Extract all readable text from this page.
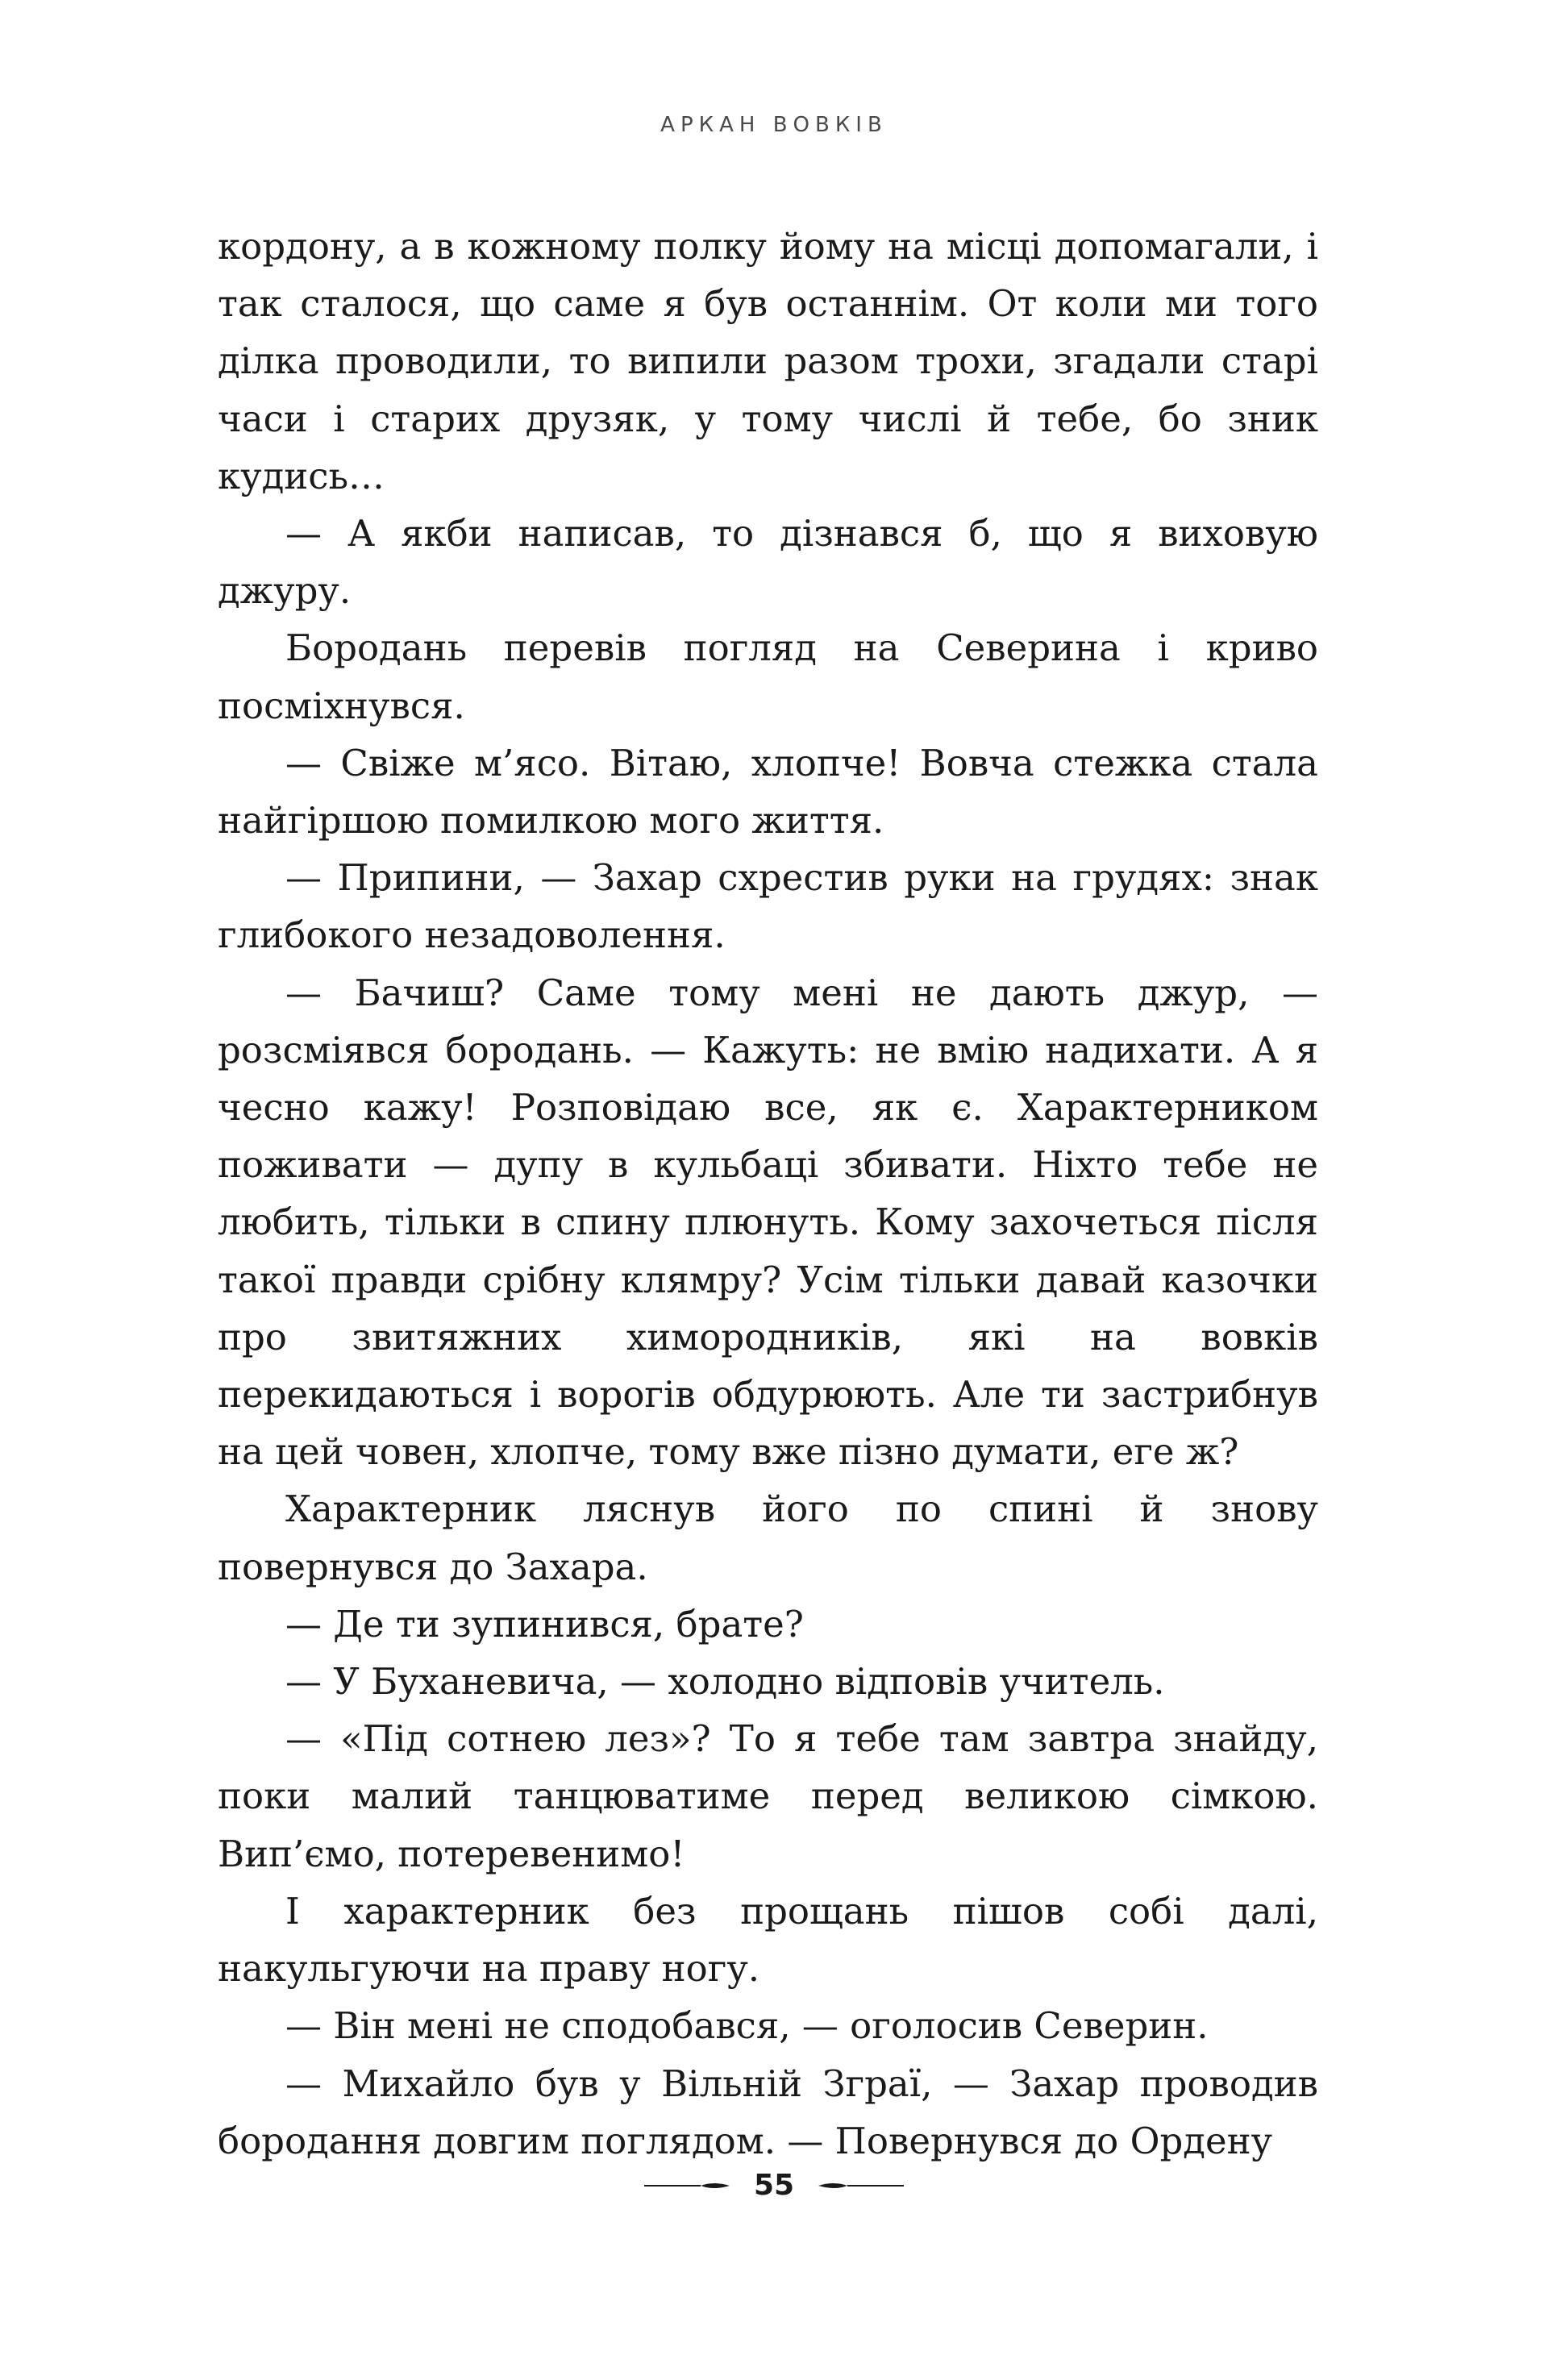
АРКАН ВОВКІВ

кордону, а в кожному полку йому на місці допомагали, і так сталося, що саме я був останнім. От коли ми того ділка проводили, то випили разом трохи, згадали старі часи і старих друзяк, у тому числі й тебе, бо зник кудись…

— А якби написав, то дізнався б, що я виховую джуру.

Бородань перевів погляд на Северина і криво посміхнувся.

— Свіже м’ясо. Вітаю, хлопче! Вовча стежка стала найгіршою помилкою мого життя.

— Припини, — Захар схрестив руки на грудях: знак глибокого незадоволення.

— Бачиш? Саме тому мені не дають джур, — розсміявся бородань. — Кажуть: не вмію надихати. А я чесно кажу! Розповідаю все, як є. Характерником поживати — дупу в кульбаці збивати. Ніхто тебе не любить, тільки в спину плюнуть. Кому захочеться після такої правди срібну клямру? Усім тільки давай казочки про звитяжних химородників, які на вовків перекидаються і ворогів обдурюють. Але ти застрибнув на цей човен, хлопче, тому вже пізно думати, еге ж?

Характерник ляснув його по спині й знову повернувся до Захара.

— Де ти зупинився, брате?

— У Буханевича, — холодно відповів учитель.

— «Під сотнею лез»? То я тебе там завтра знайду, поки малий танцюватиме перед великою сімкою. Вип’ємо, потеревенимо!

І характерник без прощань пішов собі далі, накульгуючи на праву ногу.

— Він мені не сподобався, — оголосив Северин.

— Михайло був у Вільній Зграї, — Захар проводив бородання довгим поглядом. — Повернувся до Ордену

55
